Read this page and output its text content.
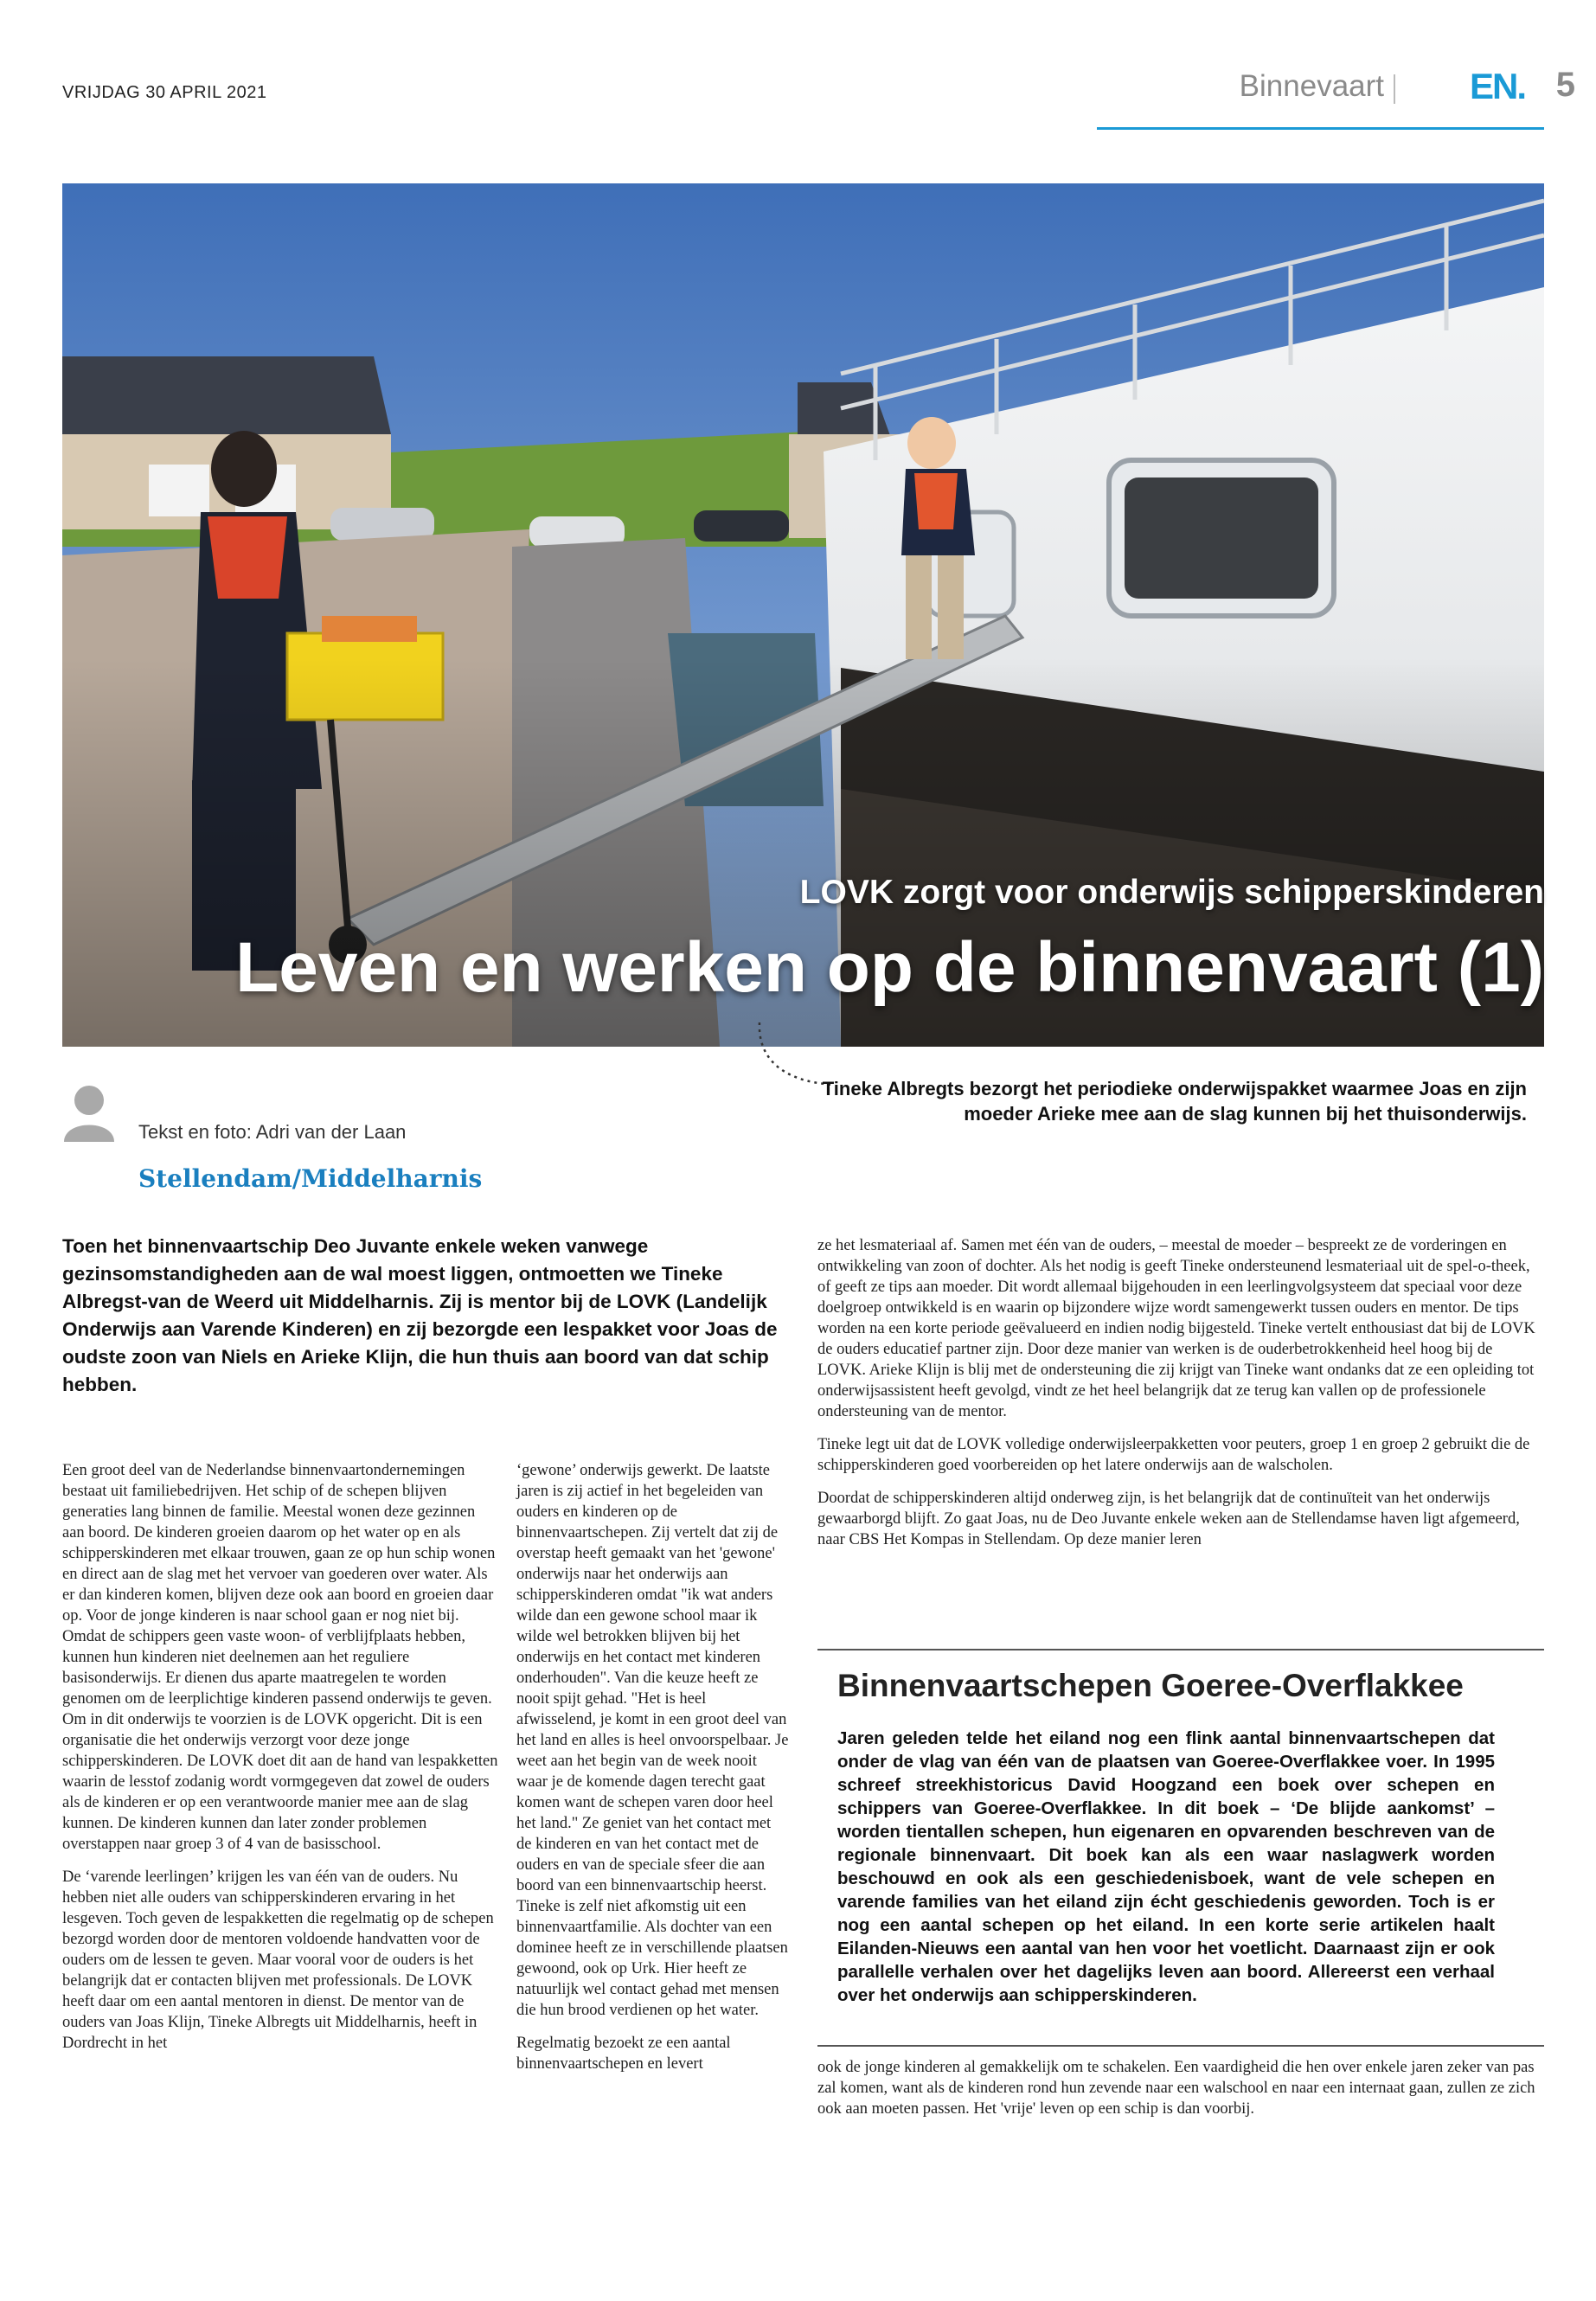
VRIJDAG 30 APRIL 2021	Binnevaart EN. 5
LOVK zorgt voor onderwijs schipperskinderen
Leven en werken op de binnenvaart (1)
Tineke Albregts bezorgt het periodieke onderwijspakket waarmee Joas en zijn moeder Arieke mee aan de slag kunnen bij het thuisonderwijs.
Tekst en foto: Adri van der Laan
Stellendam/Middelharnis
Toen het binnenvaartschip Deo Juvante enkele weken vanwege gezinsomstandigheden aan de wal moest liggen, ontmoetten we Tineke Albregst-van de Weerd uit Middelharnis. Zij is mentor bij de LOVK (Landelijk Onderwijs aan Varende Kinderen) en zij bezorgde een lespakket voor Joas de oudste zoon van Niels en Arieke Klijn, die hun thuis aan boord van dat schip hebben.

Een groot deel van de Nederlandse binnenvaartondernemingen bestaat uit familiebedrijven. Het schip of de schepen blijven generaties lang binnen de familie. Meestal wonen deze gezinnen aan boord. De kinderen groeien daarom op het water op en als schipperskinderen met elkaar trouwen, gaan ze op hun schip wonen en direct aan de slag met het vervoer van goederen over water. Als er dan kinderen komen, blijven deze ook aan boord en groeien daar op. Voor de jonge kinderen is naar school gaan er nog niet bij. Omdat de schippers geen vaste woon- of verblijfplaats hebben, kunnen hun kinderen niet deelnemen aan het reguliere basisonderwijs. Er dienen dus aparte maatregelen te worden genomen om de leerplichtige kinderen passend onderwijs te geven. Om in dit onderwijs te voorzien is de LOVK opgericht. Dit is een organisatie die het onderwijs verzorgt voor deze jonge schipperskinderen. De LOVK doet dit aan de hand van lespakketten waarin de lesstof zodanig wordt vormgegeven dat zowel de ouders als de kinderen er op een verantwoorde manier mee aan de slag kunnen. De kinderen kunnen dan later zonder problemen overstappen naar groep 3 of 4 van de basisschool.

De ‘varende leerlingen’ krijgen les van één van de ouders. Nu hebben niet alle ouders van schipperskinderen ervaring in het lesgeven. Toch geven de lespakketten die regelmatig op de schepen bezorgd worden door de mentoren voldoende handvatten voor de ouders om de lessen te geven. Maar vooral voor de ouders is het belangrijk dat er contacten blijven met professionals. De LOVK heeft daar om een aantal mentoren in dienst. De mentor van de ouders van Joas Klijn, Tineke Albregts uit Middelharnis, heeft in Dordrecht in het

‘gewone’ onderwijs gewerkt. De laatste jaren is zij actief in het begeleiden van ouders en kinderen op de binnenvaartschepen. Zij vertelt dat zij de overstap heeft gemaakt van het 'gewone' onderwijs naar het onderwijs aan schipperskinderen omdat "ik wat anders wilde dan een gewone school maar ik wilde wel betrokken blijven bij het onderwijs en het contact met kinderen onderhouden". Van die keuze heeft ze nooit spijt gehad. "Het is heel afwisselend, je komt in een groot deel van het land en alles is heel onvoorspelbaar. Je weet aan het begin van de week nooit waar je de komende dagen terecht gaat komen want de schepen varen door heel het land." Ze geniet van het contact met de kinderen en van het contact met de ouders en van de speciale sfeer die aan boord van een binnenvaartschip heerst. Tineke is zelf niet afkomstig uit een binnenvaartfamilie. Als dochter van een dominee heeft ze in verschillende plaatsen gewoond, ook op Urk. Hier heeft ze natuurlijk wel contact gehad met mensen die hun brood verdienen op het water.

Regelmatig bezoekt ze een aantal binnenvaartschepen en levert

ze het lesmateriaal af. Samen met één van de ouders, – meestal de moeder – bespreekt ze de vorderingen en ontwikkeling van zoon of dochter. Als het nodig is geeft Tineke ondersteunend lesmateriaal uit de spel-o-theek, of geeft ze tips aan moeder. Dit wordt allemaal bijgehouden in een leerlingvolgsysteem dat speciaal voor deze doelgroep ontwikkeld is en waarin op bijzondere wijze wordt samengewerkt tussen ouders en mentor. De tips worden na een korte periode geëvalueerd en indien nodig bijgesteld. Tineke vertelt enthousiast dat bij de LOVK de ouders educatief partner zijn. Door deze manier van werken is de ouderbetrokkenheid heel hoog bij de LOVK. Arieke Klijn is blij met de ondersteuning die zij krijgt van Tineke want ondanks dat ze een opleiding tot onderwijsassistent heeft gevolgd, vindt ze het heel belangrijk dat ze terug kan vallen op de professionele ondersteuning van de mentor.

Tineke legt uit dat de LOVK volledige onderwijsleerpakketten voor peuters, groep 1 en groep 2 gebruikt die de schipperskinderen goed voorbereiden op het latere onderwijs aan de walscholen.

Doordat de schipperskinderen altijd onderweg zijn, is het belangrijk dat de continuïteit van het onderwijs gewaarborgd blijft. Zo gaat Joas, nu de Deo Juvante enkele weken aan de Stellendamse haven ligt afgemeerd, naar CBS Het Kompas in Stellendam. Op deze manier leren

Binnenvaartschepen Goeree-Overflakkee
Jaren geleden telde het eiland nog een flink aantal binnenvaartschepen dat onder de vlag van één van de plaatsen van Goeree-Overflakkee voer. In 1995 schreef streekhistoricus David Hoogzand een boek over schepen en schippers van Goeree-Overflakkee. In dit boek – ‘De blijde aankomst’ – worden tientallen schepen, hun eigenaren en opvarenden beschreven van de regionale binnenvaart. Dit boek kan als een waar naslagwerk worden beschouwd en ook als een geschiedenisboek, want de vele schepen en varende families van het eiland zijn écht geschiedenis geworden. Toch is er nog een aantal schepen op het eiland. In een korte serie artikelen haalt Eilanden-Nieuws een aantal van hen voor het voetlicht. Daarnaast zijn er ook parallelle verhalen over het dagelijks leven aan boord. Allereerst een verhaal over het onderwijs aan schipperskinderen.

ook de jonge kinderen al gemakkelijk om te schakelen. Een vaardigheid die hen over enkele jaren zeker van pas zal komen, want als de kinderen rond hun zevende naar een walschool en naar een internaat gaan, zullen ze zich ook aan moeten passen. Het 'vrije' leven op een schip is dan voorbij.
